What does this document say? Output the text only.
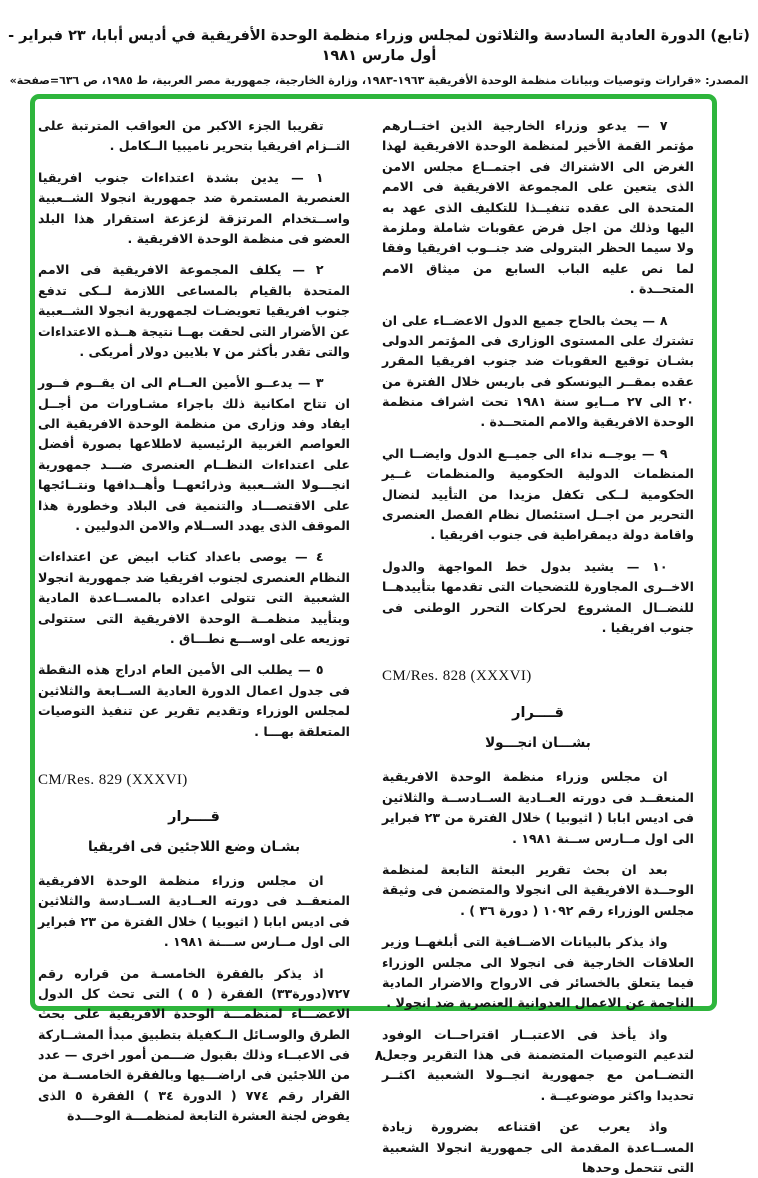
(تابع) الدورة العادية السادسة والثلاثون لمجلس وزراء منظمة الوحدة الأفريقية في أديس أبابا، ٢٣ فبراير - أول مارس ١٩٨١
المصدر: «قرارات وتوصيات وبيانات منظمة الوحدة الأفريقية ١٩٦٣-١٩٨٣، وزارة الخارجية، جمهورية مصر العربية، ط ١٩٨٥، ص ٦٣٦=صفحة»

٧ — يدعو وزراء الخارجية الذين اختــارهم مؤتمر القمة الأخير لمنظمة الوحدة الافريقية لهذا الغرض الى الاشتراك فى اجتمــاع مجلس الامن الذى يتعين على المجموعة الافريقية فى الامم المتحدة الى عقده تنفيــذا للتكليف الذى عهد به اليها وذلك من اجل فرض عقوبات شاملة وملزمة ولا سيما الحظر البترولى ضد جنــوب افريقيا وفقا لما نص عليه الباب السابع من ميثاق الامم المتحــدة .

٨ — يحث بالحاح جميع الدول الاعضــاء على ان تشترك على المستوى الوزارى فى المؤتمر الدولى بشـان توقيع العقوبات ضد جنوب افريقيا المقرر عقده بمقــر اليونسكو فى باريس خلال الفترة من ٢٠ الى ٢٧ مــايو سنة ١٩٨١ تحت اشراف منظمة الوحدة الافريقية والامم المتحــدة .

٩ — يوجــه نداء الى جميــع الدول وايضــا الي المنظمات الدولية الحكومية والمنظمات غــير الحكومية لــكى تكفل مزيدا من التأييد لنضال التحرير من اجــل استئصال نظام الفصل العنصرى واقامة دولة ديمقراطية فى جنوب افريقيا .

١٠ — يشيد بدول خط المواجهة والدول الاخــرى المجاورة للتضحيات التى تقدمها بتأييدهــا للنضــال المشروع لحركات التحرر الوطنى فى جنوب افريقيا .

CM/Res. 828 (XXXVI)
قــــرار
بشـــان انجـــولا

ان مجلس وزراء منظمة الوحدة الافريقية المنعقــد فى دورته العــادية الســادســة والثلاثين فى اديس ابابا ( اثيوبيا ) خلال الفترة من ٢٣ فبراير الى اول مــارس ســنة ١٩٨١ .

بعد ان بحث تقرير البعثة التابعة لمنظمة الوحــدة الافريقية الى انجولا والمتضمن فى وثيقة مجلس الوزراء رقم ١٠٩٢ ( دورة ٣٦ ) .

واذ يذكر بالبيانات الاضــافية التى أبلغهــا وزير العلاقات الخارجية فى انجولا الى مجلس الوزراء فيما يتعلق بالخسائر فى الارواح والاضرار المادية الناجمة عن الاعمال العدوانية العنصرية ضد انجولا .

واذ يأخذ فى الاعتبــار اقتراحــات الوفود لتدعيم التوصيات المتضمنة فى هذا التقرير وجعل التضــامن مع جمهورية انجــولا الشعبية اكثــر تحديدا واكثر موضوعيــة .

واذ يعرب عن اقتناعه بضرورة زيادة المســاعدة المقدمة الى جمهورية انجولا الشعبية التى تتحمل وحدها

تقريبا الجزء الاكبر من العواقب المترتبة على التــزام افريقيا بتحرير ناميبيا الــكامل .

١ — يدين بشدة اعتداءات جنوب افريقيا العنصرية المستمرة ضد جمهورية انجولا الشــعبية واســتخدام المرتزقة لزعزعة استقرار هذا البلد العضو فى منظمة الوحدة الافريقية .

٢ — يكلف المجموعة الافريقية فى الامم المتحدة بالقيام بالمساعى اللازمة لــكى تدفع جنوب افريقيا تعويضـات لجمهورية انجولا الشــعبية عن الأضرار التى لحقت بهــا نتيجة هــذه الاعتداءات والتى تقدر بأكثر من ٧ بلايين دولار أمريكى .

٣ — يدعــو الأمين العــام الى ان يقــوم فــور ان تتاح امكانية ذلك باجراء مشـاورات من أجــل ايفاد وفد وزارى من منظمة الوحدة الافريقية الى العواصم الغربية الرئيسية لاطلاعها بصورة أفضل على اعتداءات النظــام العنصرى ضـــد جمهورية انجـــولا الشــعبية وذرائعهــا وأهــدافها ونتــائجها على الاقتصـــاد والتنمية فى البلاد وخطورة هذا الموقف الذى يهدد الســلام والامن الدوليين .

٤ — يوصى باعداد كتاب ابيض عن اعتداءات النظام العنصرى لجنوب افريقيا ضد جمهورية انجولا الشعبية التى تتولى اعداده بالمســاعدة المادية وبتأييد منظمــة الوحدة الافريقية التى ستتولى توزيعه على اوســـع نطـــاق .

٥ — يطلب الى الأمين العام ادراج هذه النقطة فى جدول اعمال الدورة العادية الســابعة والثلاثين لمجلس الوزراء وتقديم تقرير عن تنفيذ التوصيات المتعلقة بهـــا .

CM/Res. 829 (XXXVI)
قــــرار
بشـان وضع اللاجئين فى افريقيا

ان مجلس وزراء منظمة الوحدة الافريقية المنعقــد فى دورته العــادية الســادسة والثلاثين فى اديس ابابا ( اثيوبيا ) خلال الفترة من ٢٣ فبراير الى اول مــارس ســـنة ١٩٨١ .

اذ يذكر بالفقرة الخامسـة من قراره رقم ٧٢٧(دورة٣٣) الفقرة ( ٥ ) التى تحث كل الدول الاعضـــاء لمنظمـــة الوحدة الافريقية على بحث الطرق والوسـائل الــكفيلة بتطبيق مبدأ المشــاركة فى الاعبــاء وذلك بقبول ضـــمن أمور اخرى — عدد من اللاجئين فى اراضـــيها وبالفقرة الخامســة من القرار رقم ٧٧٤ ( الدورة ٣٤ ) الفقرة ٥ الذى يفوض لجنة العشرة التابعة لمنظمـــة الوحـــدة

٨
